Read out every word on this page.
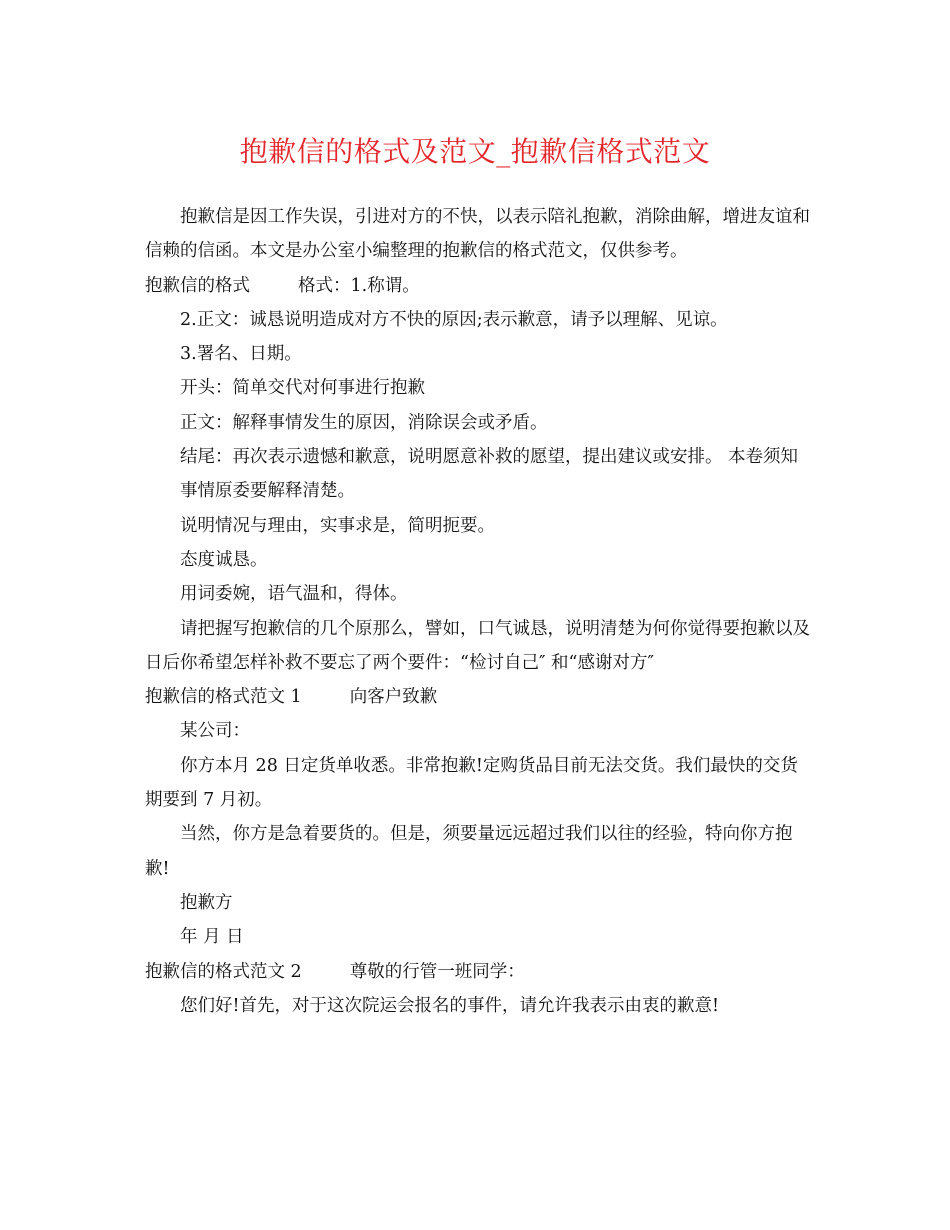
抱歉信的格式及范文_抱歉信格式范文

抱歉信是因工作失误，引进对方的不快，以表示陪礼抱歉，消除曲解，增进友谊和信赖的信函。本文是办公室小编整理的抱歉信的格式范文，仅供参考。

抱歉信的格式	格式：1.称谓。

2.正文：诚恳说明造成对方不快的原因;表示歉意，请予以理解、见谅。

3.署名、日期。

开头：简单交代对何事进行抱歉

正文：解释事情发生的原因，消除误会或矛盾。

结尾：再次表示遗憾和歉意，说明愿意补救的愿望，提出建议或安排。 本卷须知

事情原委要解释清楚。

说明情况与理由，实事求是，简明扼要。

态度诚恳。

用词委婉，语气温和，得体。

请把握写抱歉信的几个原那么，譬如，口气诚恳，说明清楚为何你觉得要抱歉以及日后你希望怎样补救不要忘了两个要件：“检讨自己″ 和“感谢对方″

抱歉信的格式范文 1	向客户致歉

某公司：

你方本月 28 日定货单收悉。非常抱歉!定购货品目前无法交货。我们最快的交货期要到 7 月初。

当然，你方是急着要货的。但是，须要量远远超过我们以往的经验，特向你方抱歉!

抱歉方

年 月 日

抱歉信的格式范文 2	尊敬的行管一班同学：

您们好!首先，对于这次院运会报名的事件，请允许我表示由衷的歉意!
